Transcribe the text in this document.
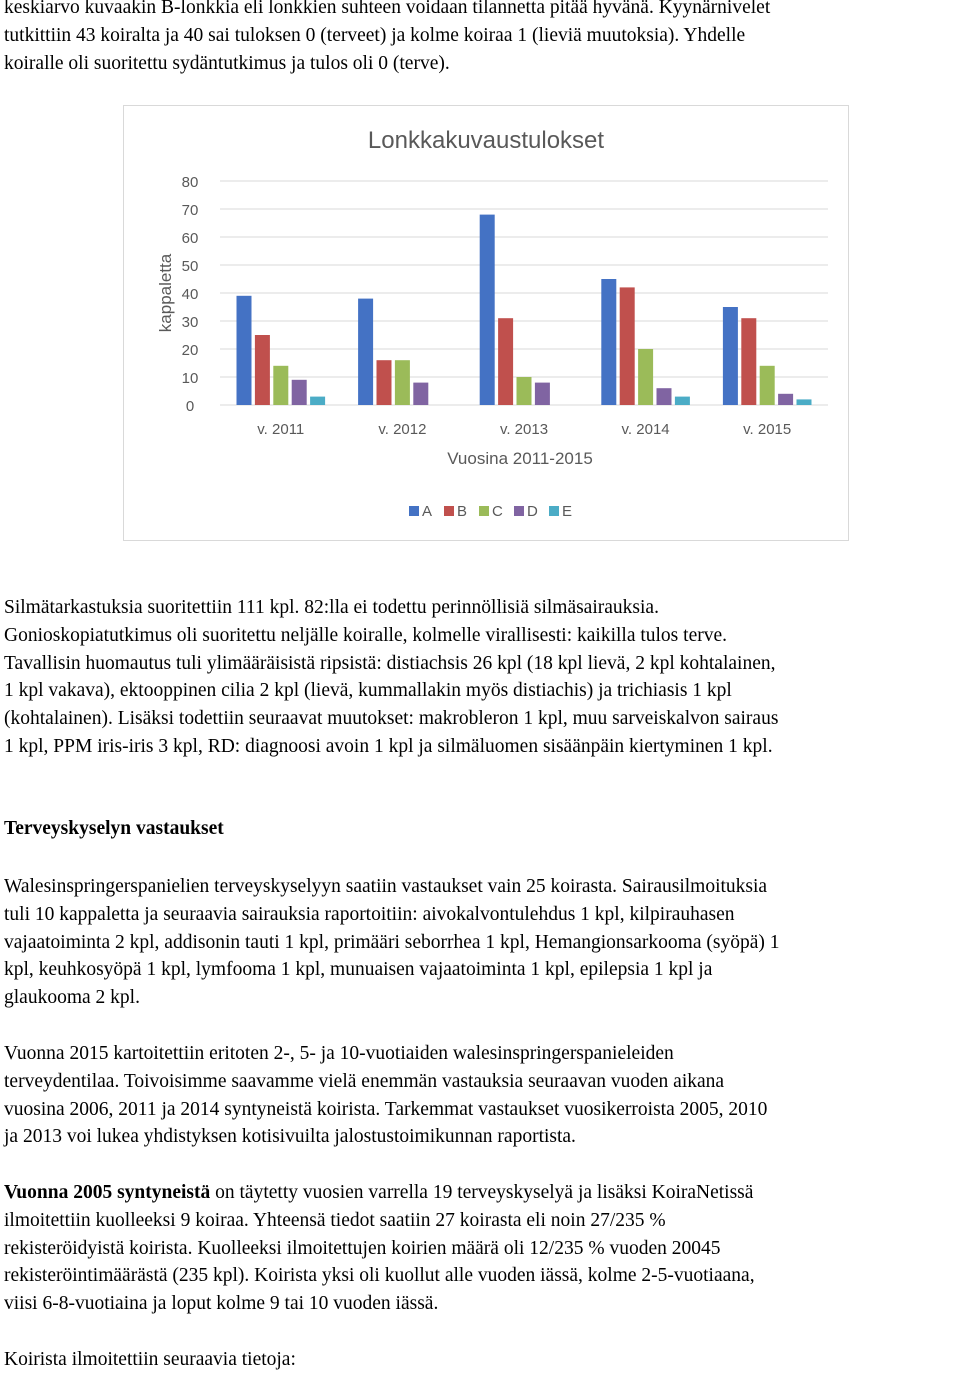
keskiarvo kuvaakin B-lonkkia eli lonkkien suhteen voidaan tilannetta pitää hyvänä. Kyynärnivelet
tutkittiin 43 koiralta ja 40 sai tuloksen 0 (terveet) ja kolme koiraa 1 (lieviä muutoksia). Yhdelle
koiralle oli suoritettu sydäntutkimus ja tulos oli 0 (terve).
Lonkkakuvaustulokset
kappaletta
0
10
20
30
40
50
60
70
80
v. 2011	v. 2012	v. 2013	v. 2014	v. 2015
Vuosina 2011-2015
A B C D E
Silmätarkastuksia suoritettiin 111 kpl. 82:lla ei todettu perinnöllisiä silmäsairauksia.
Gonioskopiatutkimus oli suoritettu neljälle koiralle, kolmelle virallisesti: kaikilla tulos terve.
Tavallisin huomautus tuli ylimääräisistä ripsistä: distiachsis 26 kpl (18 kpl lievä, 2 kpl kohtalainen,
1 kpl vakava), ektooppinen cilia 2 kpl (lievä, kummallakin myös distiachis) ja trichiasis 1 kpl
(kohtalainen). Lisäksi todettiin seuraavat muutokset: makrobleron 1 kpl, muu sarveiskalvon sairaus
1 kpl, PPM iris-iris 3 kpl, RD: diagnoosi avoin 1 kpl ja silmäluomen sisäänpäin kiertyminen 1 kpl.
Terveyskyselyn vastaukset
Walesinspringerspanielien terveyskyselyyn saatiin vastaukset vain 25 koirasta. Sairausilmoituksia
tuli 10 kappaletta ja seuraavia sairauksia raportoitiin: aivokalvontulehdus 1 kpl, kilpirauhasen
vajaatoiminta 2 kpl, addisonin tauti 1 kpl, primääri seborrhea 1 kpl, Hemangionsarkooma (syöpä) 1
kpl, keuhkosyöpä 1 kpl, lymfooma 1 kpl, munuaisen vajaatoiminta 1 kpl, epilepsia 1 kpl ja
glaukooma 2 kpl.
Vuonna 2015 kartoitettiin eritoten 2-, 5- ja 10-vuotiaiden walesinspringerspanieleiden
terveydentilaa. Toivoisimme saavamme vielä enemmän vastauksia seuraavan vuoden aikana
vuosina 2006, 2011 ja 2014 syntyneistä koirista. Tarkemmat vastaukset vuosikerroista 2005, 2010
ja 2013 voi lukea yhdistyksen kotisivuilta jalostustoimikunnan raportista.
Vuonna 2005 syntyneistä on täytetty vuosien varrella 19 terveyskyselyä ja lisäksi KoiraNetissä
ilmoitettiin kuolleeksi 9 koiraa. Yhteensä tiedot saatiin 27 koirasta eli noin 27/235 %
rekisteröidyistä koirista. Kuolleeksi ilmoitettujen koirien määrä oli 12/235 % vuoden 20045
rekisteröintimäärästä (235 kpl). Koirista yksi oli kuollut alle vuoden iässä, kolme 2-5-vuotiaana,
viisi 6-8-vuotiaina ja loput kolme 9 tai 10 vuoden iässä.
Koirista ilmoitettiin seuraavia tietoja:
